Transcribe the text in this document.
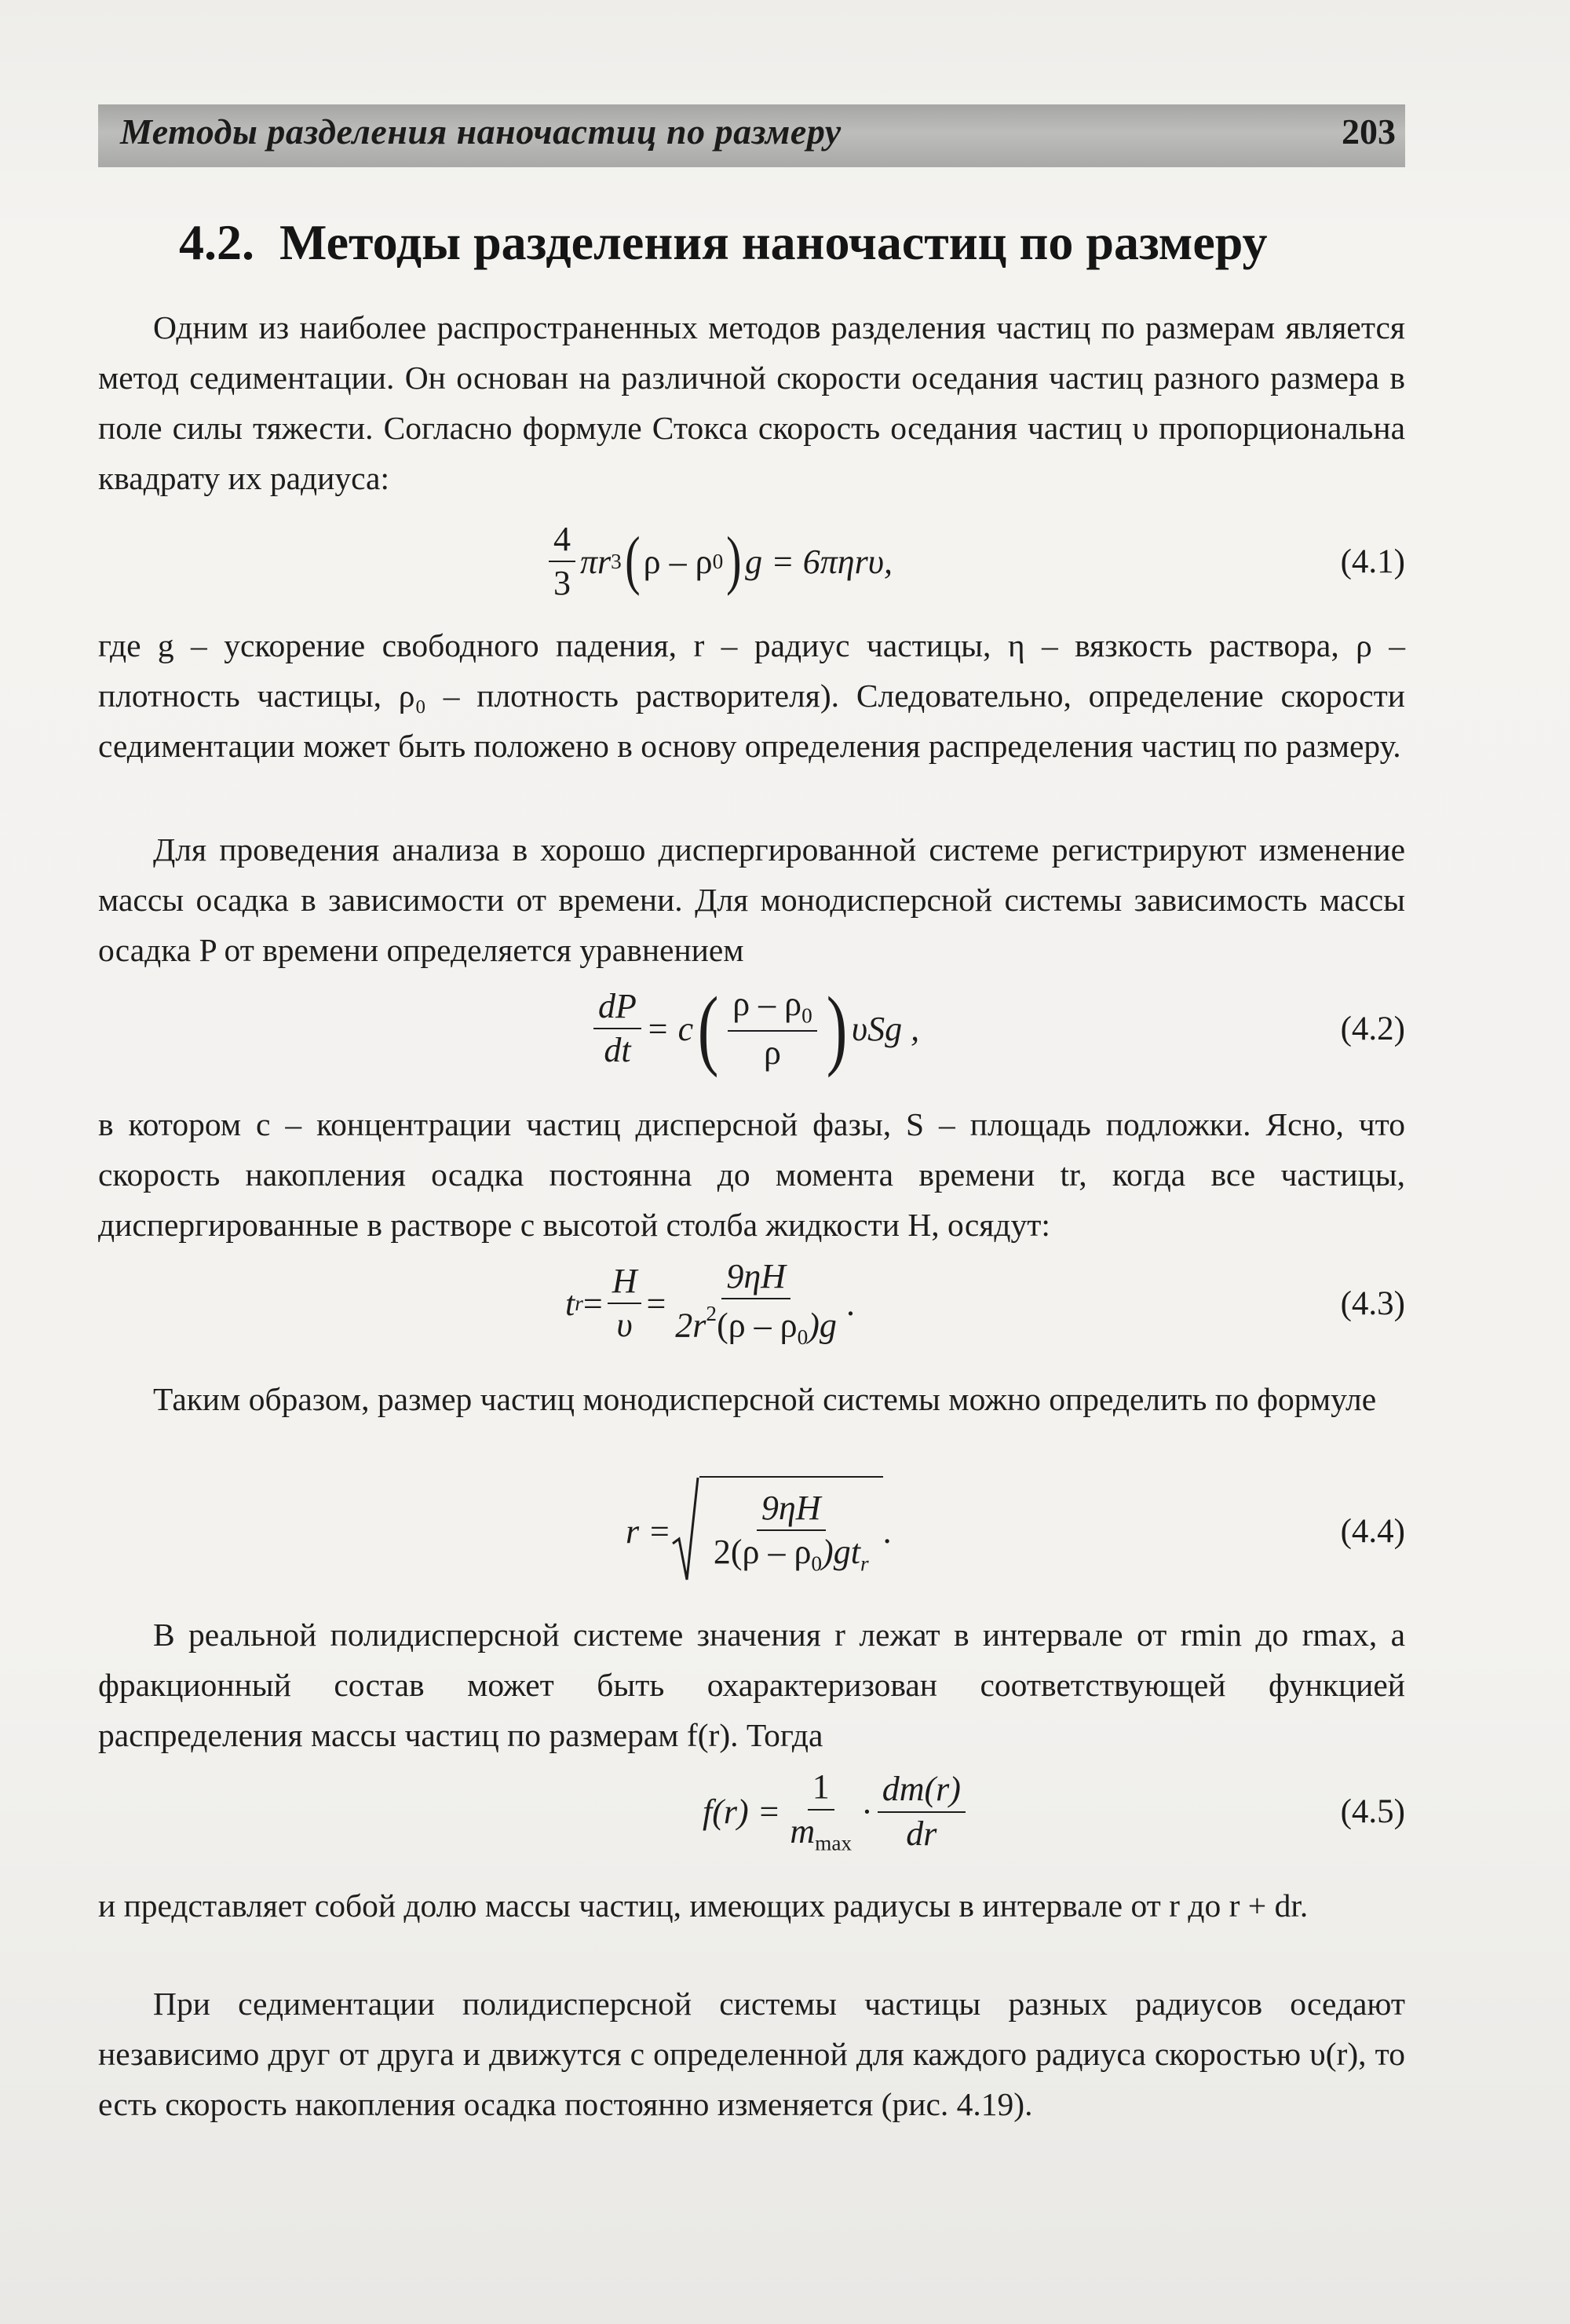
Методы разделения наночастиц по размеру	203
4.2. Методы разделения наночастиц по размеру

Одним из наиболее распространенных методов разделения частиц по размерам является метод седиментации. Он основан на различной скорости оседания частиц разного размера в поле силы тяжести. Согласно формуле Стокса скорость оседания частиц υ пропорциональна квадрату их радиуса:

$\frac{4}{3}$ πr 3 ( ρ – ρ 0 ) g = 6πηrυ,	(4.1)

где g – ускорение свободного падения, r – радиус частицы, η – вязкость раствора, ρ – плотность частицы, ρ₀ – плотность растворителя). Следовательно, определение скорости седиментации может быть положено в основу определения распределения частиц по размеру.

Для проведения анализа в хорошо диспергированной системе регистрируют изменение массы осадка в зависимости от времени. Для монодисперсной системы зависимость массы осадка P от времени определяется уравнением

$\frac{dP}{dt} = c$ ( $\frac{\rho - \rho_0}{\rho}$ ) υSg ,	(4.2)

в котором c – концентрации частиц дисперсной фазы, S – площадь подложки. Ясно, что скорость накопления осадка постоянна до момента времени tr, когда все частицы, диспергированные в растворе с высотой столба жидкости H, осядут:

t $r = \frac{H}{\upsilon} = \frac{9\eta H}{2r^2(\rho - \rho_0)g}$ .	(4.3)

Таким образом, размер частиц монодисперсной системы можно определить по формуле

$r = \frac{9\eta H}{2(\rho - \rho_0)gt_r}$ .	(4.4)

В реальной полидисперсной системе значения r лежат в интервале от rmin до rmax, а фракционный состав может быть охарактеризован соответствующей функцией распределения массы частиц по размерам f(r). Тогда

$f(r) = \frac{1}{m_{max}} \cdot \frac{dm(r)}{dr}$	(4.5)

и представляет собой долю массы частиц, имеющих радиусы в интервале от r до r + dr.

При седиментации полидисперсной системы частицы разных радиусов оседают независимо друг от друга и движутся с определенной для каждого радиуса скоростью υ(r), то есть скорость накопления осадка постоянно изменяется (рис. 4.19).
